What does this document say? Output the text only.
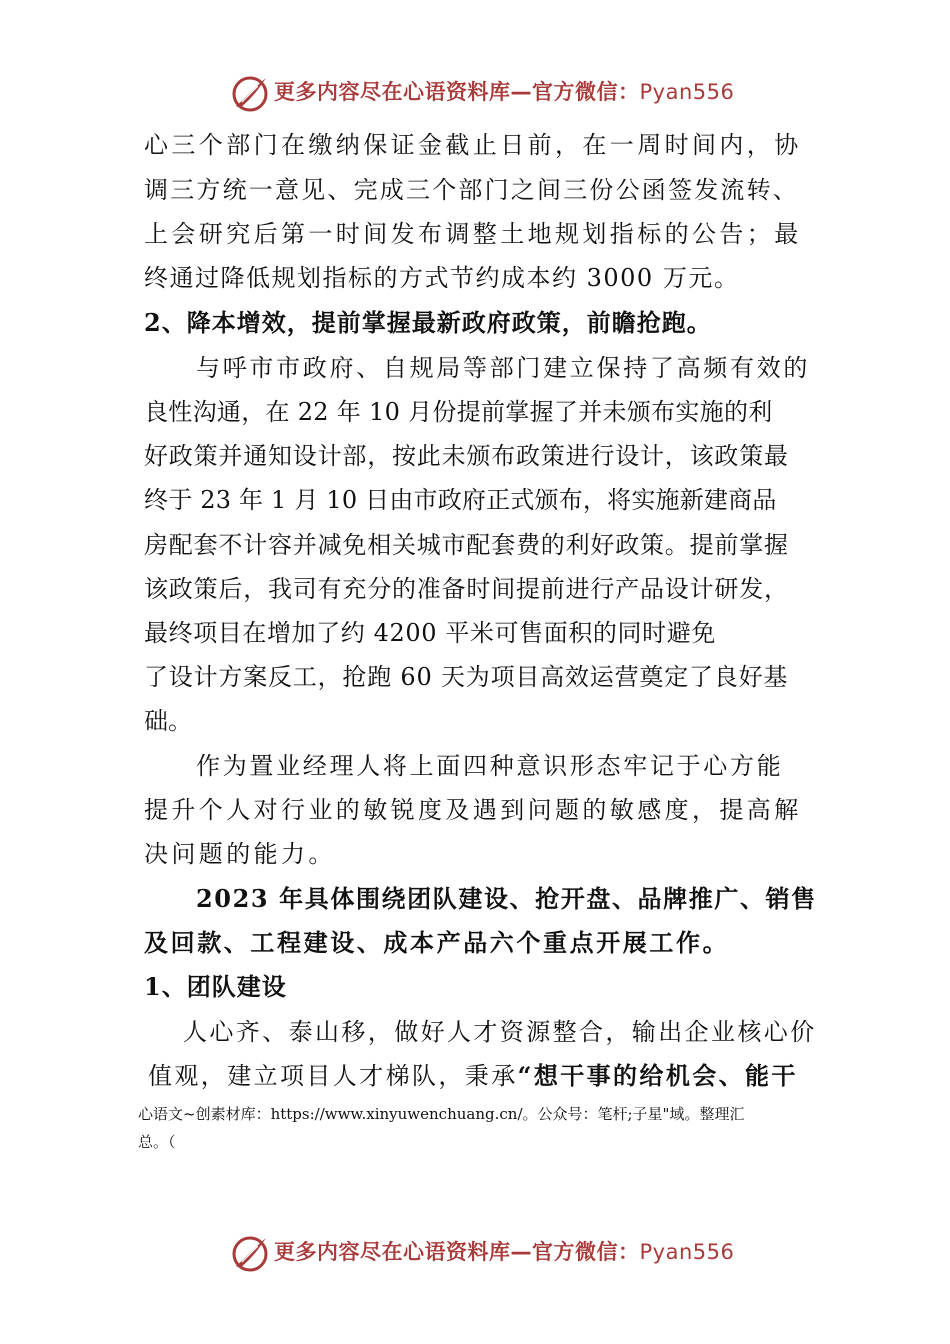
更多内容尽在心语资料库—官方微信：Pyan556
心三个部门在缴纳保证金截止日前，在一周时间内，协
调三方统一意见、完成三个部门之间三份公函签发流转、
上会研究后第一时间发布调整土地规划指标的公告；最
终通过降低规划指标的方式节约成本约 3000 万元。
2、降本增效，提前掌握最新政府政策，前瞻抢跑。
与呼市市政府、自规局等部门建立保持了高频有效的
良性沟通，在 22 年 10 月份提前掌握了并未颁布实施的利
好政策并通知设计部，按此未颁布政策进行设计，该政策最
终于 23 年 1 月 10 日由市政府正式颁布，将实施新建商品
房配套不计容并减免相关城市配套费的利好政策。提前掌握
该政策后，我司有充分的准备时间提前进行产品设计研发，
最终项目在增加了约 4200 平米可售面积的同时避免
了设计方案反工，抢跑 60 天为项目高效运营奠定了良好基
础。
作为置业经理人将上面四种意识形态牢记于心方能
提升个人对行业的敏锐度及遇到问题的敏感度，提高解
决问题的能力。
2023 年具体围绕团队建设、抢开盘、品牌推广、销售
及回款、工程建设、成本产品六个重点开展工作。
1、团队建设
人心齐、泰山移，做好人才资源整合，输出企业核心价
值观，建立项目人才梯队，秉承“想干事的给机会、能干
心语文~创素材库：https://www.xinyuwenchuang.cn/。公众号：笔杆;子星"域。整理汇
总。（
更多内容尽在心语资料库—官方微信：Pyan556
